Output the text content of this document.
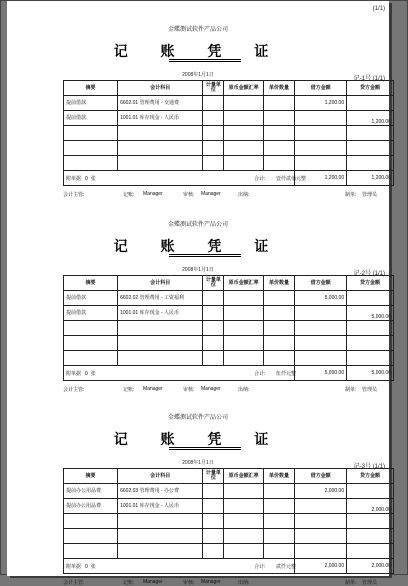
(1/1)
金蝶测试软件产品公司
记 账 凭 证
2008年1月1日
记-1号 (1/1)
摘要	会计科目	计量单位	原币金额汇率	单价数量	借方金额	贷方金额
提前借款	6602.01 管理费用 - 交通费				1,200.00	
提前借款	1001.01 库存现金 - 人民币					1,200.00

附单据 0 张 合计: 壹仟贰佰元整					1,200.00	1,200.00
会计主管:	记账: Manager	审核: Manager	出纳:	制单: 管理员
金蝶测试软件产品公司
记 账 凭 证
2008年1月1日
记-2号 (1/1)
摘要	会计科目	计量单位	原币金额汇率	单价数量	借方金额	贷方金额
提前借款	6602.02 管理费用 - 工资福利				5,000.00	
提前借款	1001.01 库存现金 - 人民币					5,000.00

附单据 0 张 合计: 伍仟元整					5,000.00	5,000.00
会计主管:	记账: Manager	审核: Manager	出纳:	制单: 管理员
金蝶测试软件产品公司
记 账 凭 证
2008年1月1日
记-3号 (1/1)
摘要	会计科目	计量单位	原币金额汇率	单价数量	借方金额	贷方金额
提前办公用品费	6602.03 管理费用 - 办公费				2,000.00	
提前办公用品费	1001.01 库存现金 - 人民币					2,000.00

附单据 0 张 合计: 贰仟元整					2,000.00	2,000.00
会计主管:	记账: Manager	审核: Manager	出纳:	制单: 管理员
